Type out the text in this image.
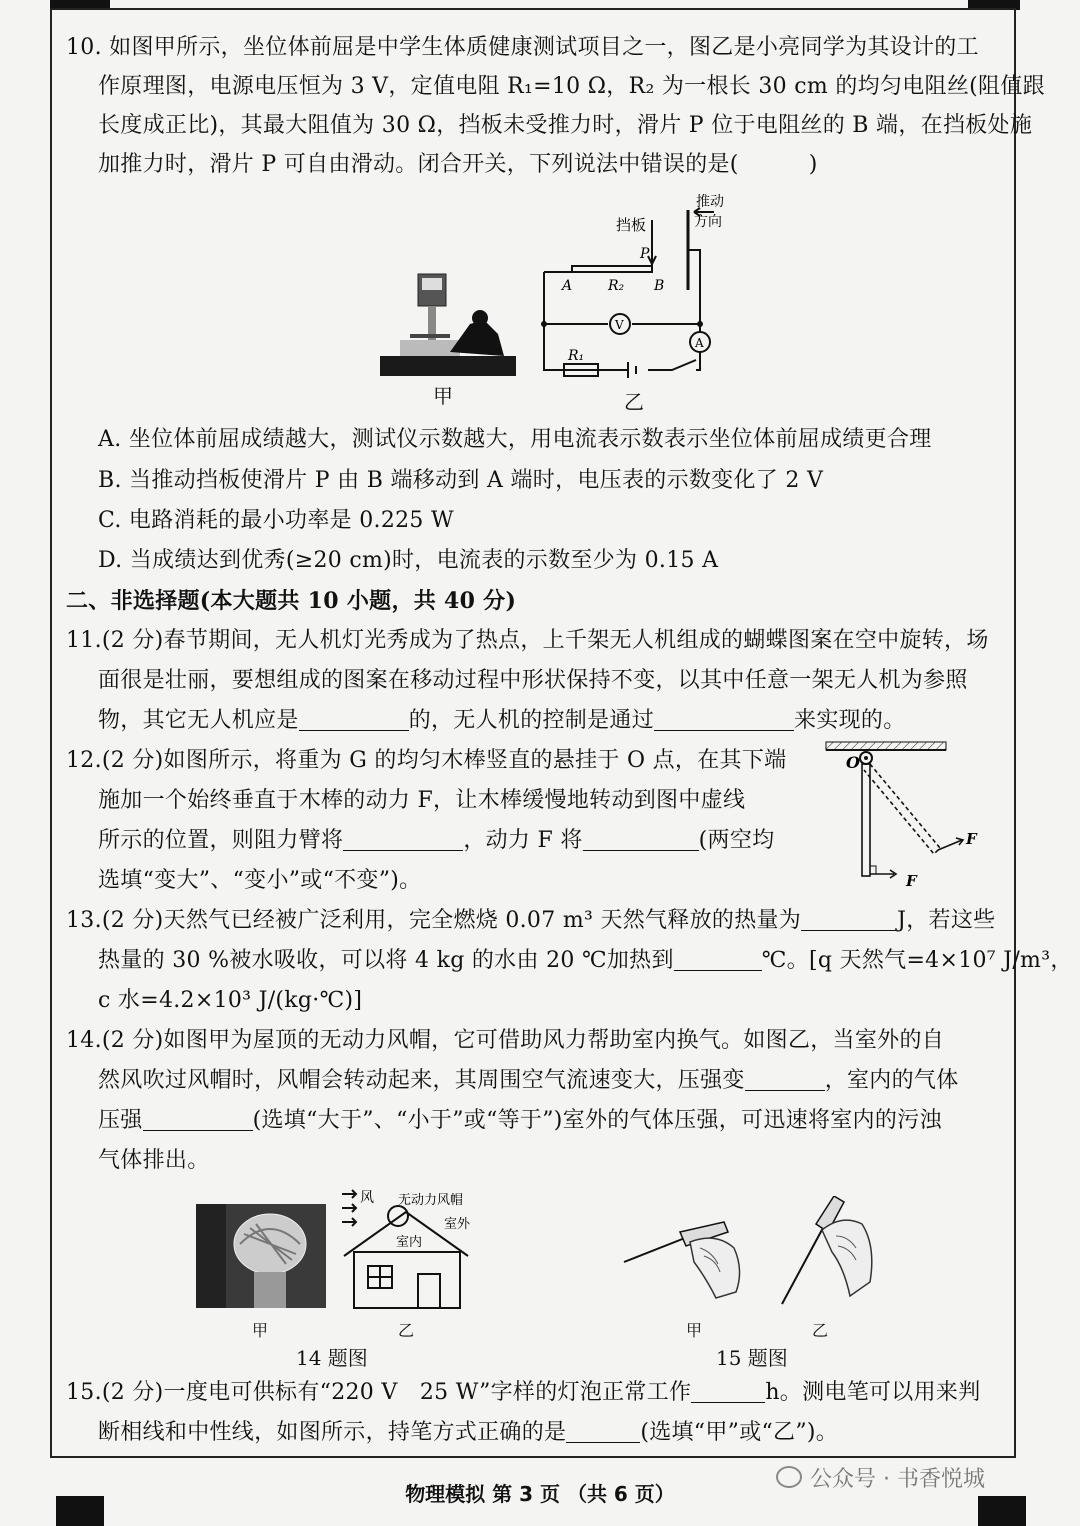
10. 如图甲所示，坐位体前屈是中学生体质健康测试项目之一，图乙是小亮同学为其设计的工
作原理图，电源电压恒为 3 V，定值电阻 R₁=10 Ω，R₂ 为一根长 30 cm 的均匀电阻丝(阻值跟
长度成正比)，其最大阻值为 30 Ω，挡板未受推力时，滑片 P 位于电阻丝的 B 端，在挡板处施
加推力时，滑片 P 可自由滑动。闭合开关，下列说法中错误的是(	)
甲
挡板
推动
方向
P
A	R₂ B
V
A
R₁
乙
A. 坐位体前屈成绩越大，测试仪示数越大，用电流表示数表示坐位体前屈成绩更合理
B. 当推动挡板使滑片 P 由 B 端移动到 A 端时，电压表的示数变化了 2 V
C. 电路消耗的最小功率是 0.225 W
D. 当成绩达到优秀(≥20 cm)时，电流表的示数至少为 0.15 A
二、非选择题(本大题共 10 小题，共 40 分)
11.(2 分)春节期间，无人机灯光秀成为了热点，上千架无人机组成的蝴蝶图案在空中旋转，场
面很是壮丽，要想组成的图案在移动过程中形状保持不变，以其中任意一架无人机为参照
物，其它无人机应是	的，无人机的控制是通过	来实现的。
12.(2 分)如图所示，将重为 G 的均匀木棒竖直的悬挂于 O 点，在其下端
施加一个始终垂直于木棒的动力 F，让木棒缓慢地转动到图中虚线
所示的位置，则阻力臂将	，动力 F 将	(两空均
选填“变大”、“变小”或“不变”)。
O
F
F
13.(2 分)天然气已经被广泛利用，完全燃烧 0.07 m³ 天然气释放的热量为	J，若这些
热量的 30 %被水吸收，可以将 4 kg 的水由 20 ℃加热到	℃。[q 天然气=4×10⁷ J/m³，
c 水=4.2×10³ J/(kg·℃)]
14.(2 分)如图甲为屋顶的无动力风帽，它可借助风力帮助室内换气。如图乙，当室外的自
然风吹过风帽时，风帽会转动起来，其周围空气流速变大，压强变	，室内的气体
压强	(选填“大于”、“小于”或“等于”)室外的气体压强，可迅速将室内的污浊
气体排出。
甲
风 无动力风帽
室外
室内
乙
14 题图
甲	乙
15 题图
15.(2 分)一度电可供标有“220 V　25 W”字样的灯泡正常工作	h。测电笔可以用来判
断相线和中性线，如图所示，持笔方式正确的是	(选填“甲”或“乙”)。
公众号 · 书香悦城
物理模拟 第 3 页 （共 6 页）
